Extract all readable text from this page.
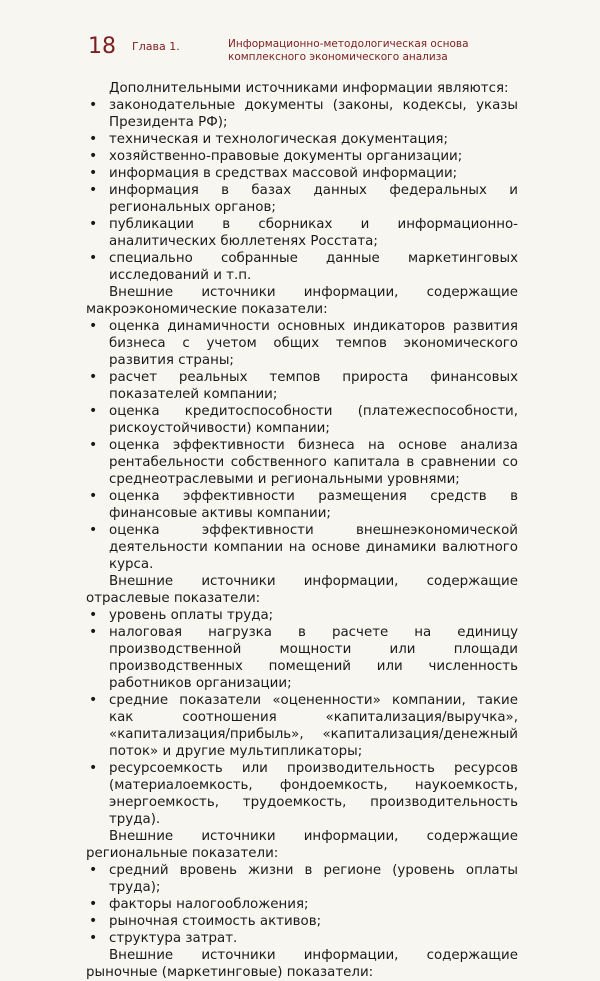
18 Глава 1.	Информационно-методологическая основа
комплексного экономического анализа

Дополнительными источниками информации являются:

• законодательные документы (законы, кодексы, указы Президента РФ);
• техническая и технологическая документация;
• хозяйственно-правовые документы организации;
• информация в средствах массовой информации;
• информация в базах данных федеральных и региональных органов;
• публикации в сборниках и информационно-аналитических бюллетенях Росстата;
• специально собранные данные маркетинговых исследований и т.п.

Внешние источники информации, содержащие макроэкономические показатели:

• оценка динамичности основных индикаторов развития бизнеса с учетом общих темпов экономического развития страны;
• расчет реальных темпов прироста финансовых показателей компании;
• оценка кредитоспособности (платежеспособности, рискоустойчивости) компании;
• оценка эффективности бизнеса на основе анализа рентабельности собственного капитала в сравнении со среднеотраслевыми и региональными уровнями;
• оценка эффективности размещения средств в финансовые активы компании;
• оценка эффективности внешнеэкономической деятельности компании на основе динамики валютного курса.

Внешние источники информации, содержащие отраслевые показатели:

• уровень оплаты труда;
• налоговая нагрузка в расчете на единицу производственной мощности или площади производственных помещений или численность работников организации;
• средние показатели «оцененности» компании, такие как соотношения «капитализация/выручка», «капитализация/прибыль», «капитализация/денежный поток» и другие мультипликаторы;
• ресурсоемкость или производительность ресурсов (материалоемкость, фондоемкость, наукоемкость, энергоемкость, трудоемкость, производительность труда).

Внешние источники информации, содержащие региональные показатели:

• средний вровень жизни в регионе (уровень оплаты труда);
• факторы налогообложения;
• рыночная стоимость активов;
• структура затрат.

Внешние источники информации, содержащие рыночные (маркетинговые) показатели:
